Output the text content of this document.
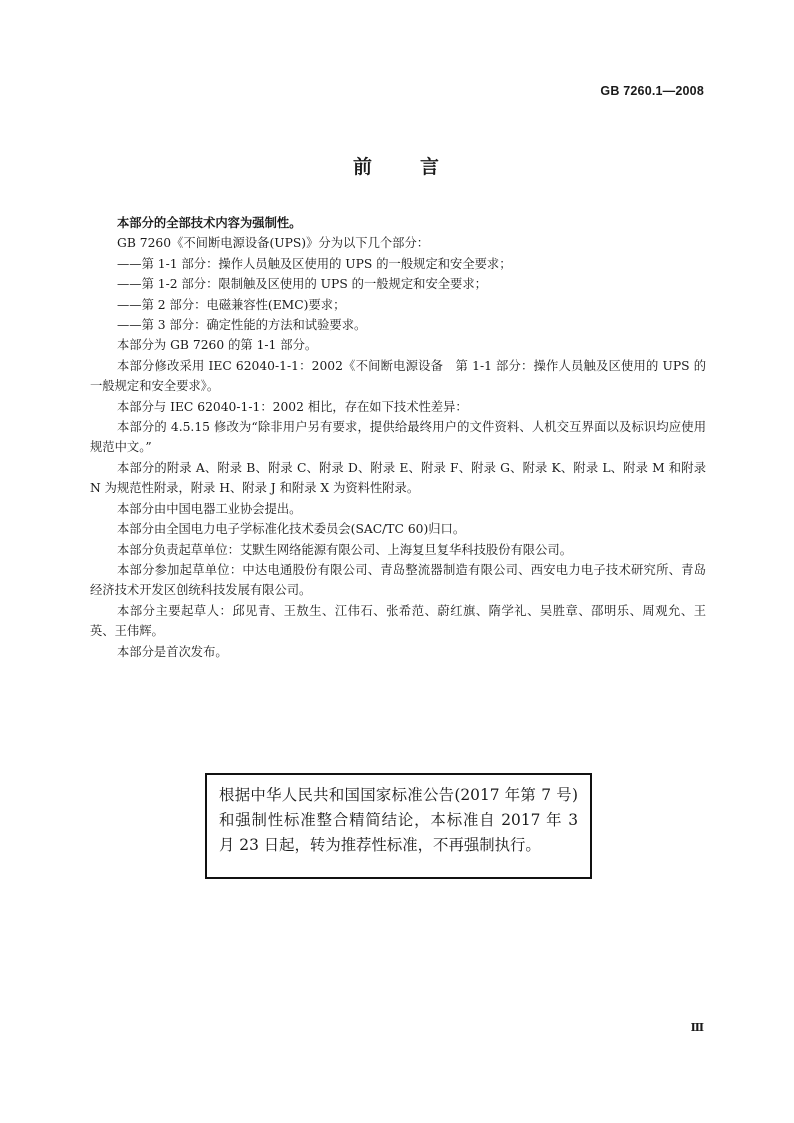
GB 7260.1—2008
前 言

本部分的全部技术内容为强制性。

GB 7260《不间断电源设备(UPS)》分为以下几个部分：

——第 1-1 部分：操作人员触及区使用的 UPS 的一般规定和安全要求；

——第 1-2 部分：限制触及区使用的 UPS 的一般规定和安全要求；

——第 2 部分：电磁兼容性(EMC)要求；

——第 3 部分：确定性能的方法和试验要求。

本部分为 GB 7260 的第 1-1 部分。

本部分修改采用 IEC 62040-1-1：2002《不间断电源设备　第 1-1 部分：操作人员触及区使用的 UPS 的一般规定和安全要求》。

本部分与 IEC 62040-1-1：2002 相比，存在如下技术性差异：

本部分的 4.5.15 修改为“除非用户另有要求，提供给最终用户的文件资料、人机交互界面以及标识均应使用规范中文。”

本部分的附录 A、附录 B、附录 C、附录 D、附录 E、附录 F、附录 G、附录 K、附录 L、附录 M 和附录 N 为规范性附录，附录 H、附录 J 和附录 X 为资料性附录。

本部分由中国电器工业协会提出。

本部分由全国电力电子学标准化技术委员会(SAC/TC 60)归口。

本部分负责起草单位：艾默生网络能源有限公司、上海复旦复华科技股份有限公司。

本部分参加起草单位：中达电通股份有限公司、青岛整流器制造有限公司、西安电力电子技术研究所、青岛经济技术开发区创统科技发展有限公司。

本部分主要起草人：邱见青、王敖生、江伟石、张希范、蔚红旗、隋学礼、吴胜章、邵明乐、周观允、王英、王伟辉。

本部分是首次发布。

根据中华人民共和国国家标准公告(2017 年第 7 号)和强制性标准整合精简结论，本标准自 2017 年 3 月 23 日起，转为推荐性标准，不再强制执行。
Ⅲ
